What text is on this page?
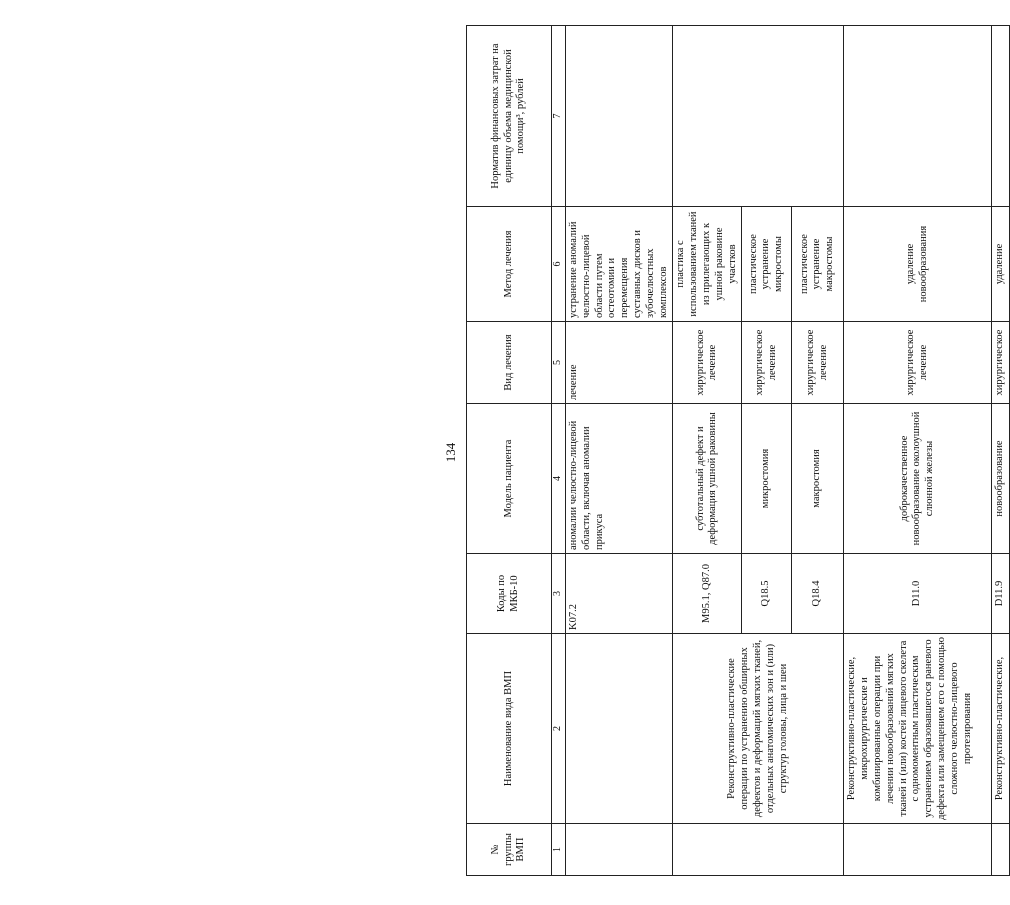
134
№ группы ВМП	Наименование вида ВМП	Коды по МКБ-10	Модель пациента	Вид лечения	Метод лечения	Норматив финансовых затрат на единицу объема медицинской помощи³, рублей
1	2	3	4	5	6	7
		K07.2	аномалии челюстно-лицевой области, включая аномалии прикуса	лечение	устранение аномалий челюстно-лицевой области путем остеотомии и перемещения суставных дисков и зубочелюстных комплексов	
	Реконструктивно-пластические операции по устранению обширных дефектов и деформаций мягких тканей, отдельных анатомических зон и (или) структур головы, лица и шеи	M95.1, Q87.0	субтотальный дефект и деформация ушной раковины	хирургическое лечение	пластика с использованием тканей из прилегающих к ушной раковине участков	
		Q18.5	микростомия	хирургическое лечение	пластическое устранение микростомы	
		Q18.4	макростомия	хирургическое лечение	пластическое устранение макростомы	
	Реконструктивно-пластические, микрохирургические и комбинированные операции при лечении новообразований мягких тканей и (или) костей лицевого скелета с одномоментным пластическим устранением образовавшегося раневого дефекта или замещением его с помощью сложного челюстно-лицевого протезирования	D11.0	доброкачественное новообразование околоушной слюнной железы	хирургическое лечение	удаление новообразования	
	Реконструктивно-пластические,	D11.9	новообразование	хирургическое	удаление	
